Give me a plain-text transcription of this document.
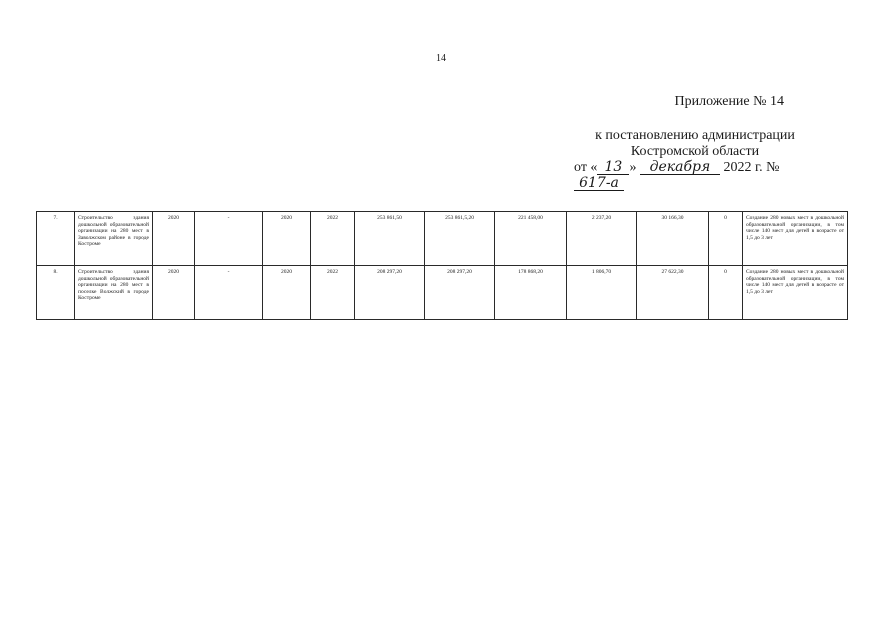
14
Приложение № 14
к постановлению администрации
Костромской области
от « 13 » декабря 2022 г. № 617-а
7.	Строительство здания дошкольной образовательной организации на 280 мест в Заволжском районе в городе Костроме	2020	-	2020	2022	253 861,50	253 861,5,20	221 458,00	2 237,20	30 166,30	0	Создание 280 новых мест в дошкольной образовательной организации, в том числе 140 мест для детей в возрасте от 1,5 до 3 лет
8.	Строительство здания дошкольной образовательной организации на 280 мест в поселке Волжский в городе Костроме	2020	-	2020	2022	208 297,20	208 297,20	178 868,20	1 806,70	27 622,30	0	Создание 280 новых мест в дошкольной образовательной организации, в том числе 140 мест для детей в возрасте от 1,5 до 3 лет
